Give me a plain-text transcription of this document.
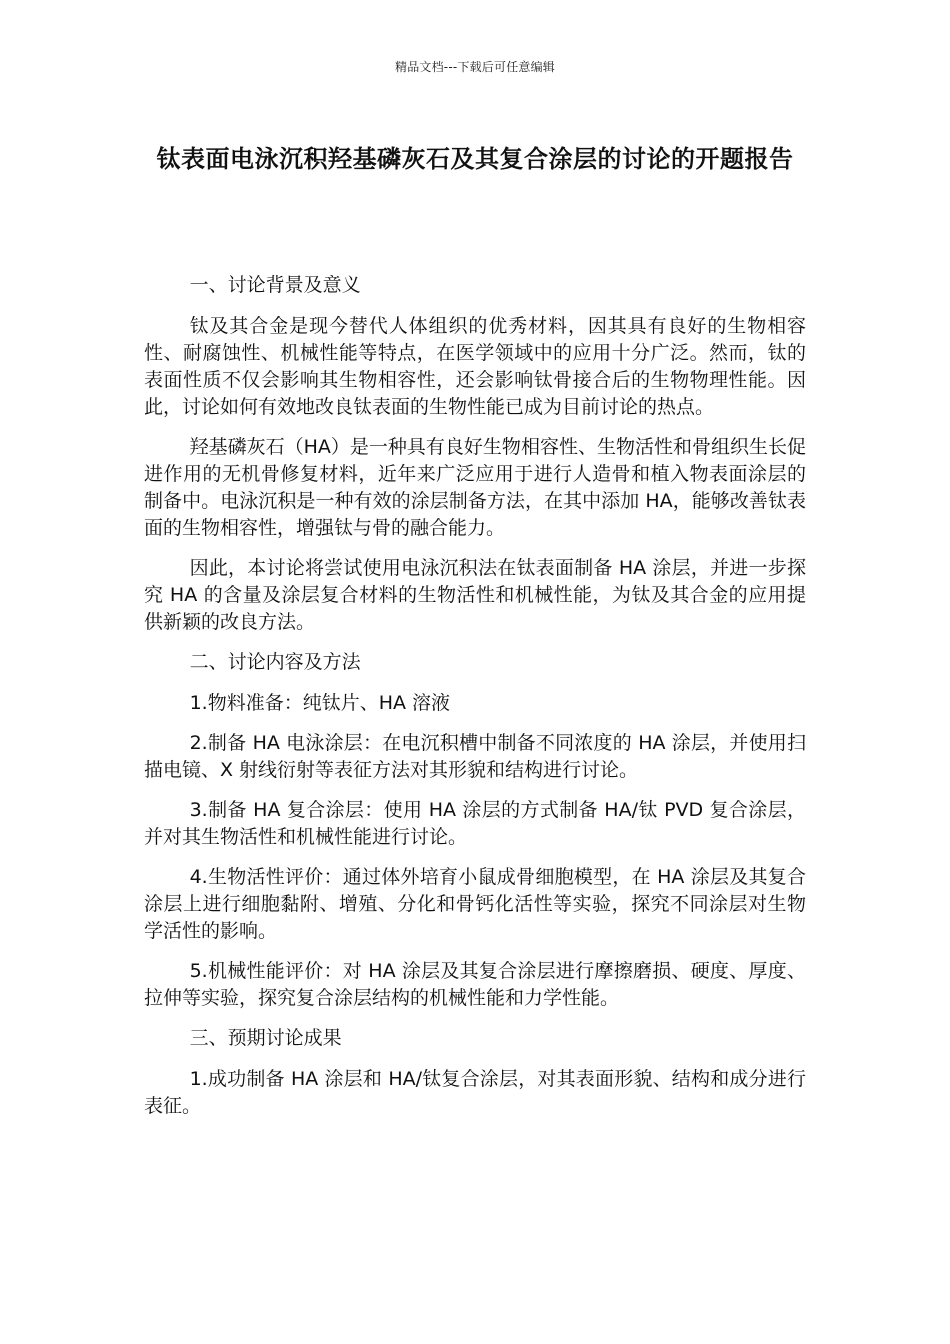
精品文档---下载后可任意编辑
钛表面电泳沉积羟基磷灰石及其复合涂层的讨论的开题报告

一、讨论背景及意义

钛及其合金是现今替代人体组织的优秀材料，因其具有良好的生物相容性、耐腐蚀性、机械性能等特点，在医学领域中的应用十分广泛。然而，钛的表面性质不仅会影响其生物相容性，还会影响钛骨接合后的生物物理性能。因此，讨论如何有效地改良钛表面的生物性能已成为目前讨论的热点。

羟基磷灰石（HA）是一种具有良好生物相容性、生物活性和骨组织生长促进作用的无机骨修复材料，近年来广泛应用于进行人造骨和植入物表面涂层的制备中。电泳沉积是一种有效的涂层制备方法，在其中添加 HA，能够改善钛表面的生物相容性，增强钛与骨的融合能力。

因此，本讨论将尝试使用电泳沉积法在钛表面制备 HA 涂层，并进一步探究 HA 的含量及涂层复合材料的生物活性和机械性能，为钛及其合金的应用提供新颖的改良方法。

二、讨论内容及方法

1.物料准备：纯钛片、HA 溶液

2.制备 HA 电泳涂层：在电沉积槽中制备不同浓度的 HA 涂层，并使用扫描电镜、X 射线衍射等表征方法对其形貌和结构进行讨论。

3.制备 HA 复合涂层：使用 HA 涂层的方式制备 HA/钛 PVD 复合涂层，并对其生物活性和机械性能进行讨论。

4.生物活性评价：通过体外培育小鼠成骨细胞模型，在 HA 涂层及其复合涂层上进行细胞黏附、增殖、分化和骨钙化活性等实验，探究不同涂层对生物学活性的影响。

5.机械性能评价：对 HA 涂层及其复合涂层进行摩擦磨损、硬度、厚度、拉伸等实验，探究复合涂层结构的机械性能和力学性能。

三、预期讨论成果

1.成功制备 HA 涂层和 HA/钛复合涂层，对其表面形貌、结构和成分进行表征。
